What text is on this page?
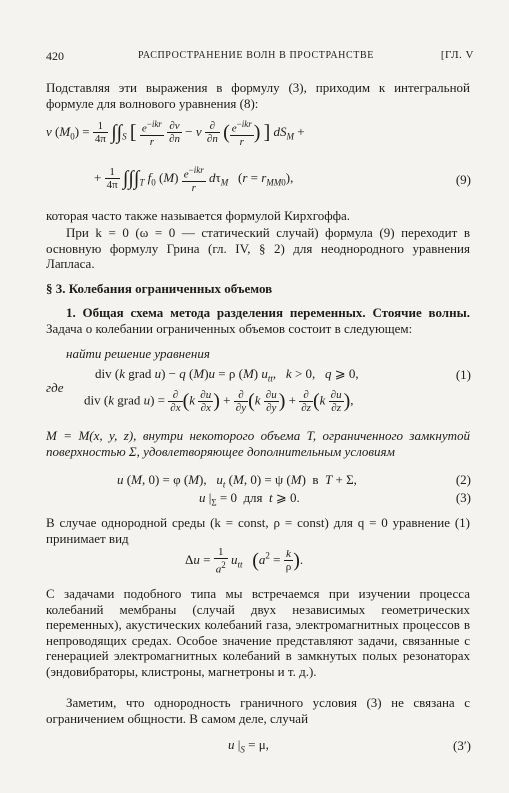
420	РАСПРОСТРАНЕНИЕ ВОЛН В ПРОСТРАНСТВЕ	[ГЛ. V

Подставляя эти выражения в формулу (3), приходим к интегральной формуле для волнового уравнения (8):

v $(M_0) = \frac{1}{4\pi} \int\int_S$ [ $\frac{e^{-ikr}}{r}$
$\frac{\partial v}{\partial n} - v \frac{\partial}{\partial n}$ ( $\frac{e^{-ikr}}{r}$ ) ] $dS_M$ +
+ $\frac{1}{4\pi} \int\int\int_T$ $f_0$ $(M) \frac{e^{-ikr}}{r} d\tau_M$   $(r = r_{MM0})$,	(9)

которая часто также называется формулой Кирхгоффа.

При k = 0 (ω = 0 — статический случай) формула (9) переходит в основную формулу Грина (гл. IV, § 2) для неоднородного уравнения Лапласа.

§ 3. Колебания ограниченных объемов

1. Общая схема метода разделения переменных. Стоячие волны. Задача о колебании ограниченных объемов состоит в следующем:

найти решение уравнения

div (k grad u) − q (M)u = ρ (M) $u_{tt}$,   k > 0,   q ⩾ 0,	(1)

где

div (k grad $u) = \frac{\partial}{\partial x} (k \frac{\partial u}{\partial x}$ ) + $\frac{\partial}{\partial y} (k \frac{\partial u}{\partial y}$ ) + $\frac{\partial}{\partial z} (k \frac{\partial u}{\partial z}$ ),

M = M(x, y, z), внутри некоторого объема T, ограниченного замкнутой поверхностью Σ, удовлетворяющее дополнительным условиям

u (M, 0) = φ (M),   $u_t$ (M, 0) = ψ (M)  в  T + Σ,	(2)
u $|_\Sigma = 0$  для  t ⩾ 0.	(3)

В случае однородной среды (k = const, ρ = const) для q = 0 уравнение (1) принимает вид

$\Delta u = \frac{1}{a^2} u_{tt}$ ($a^2 = \frac{k}{\rho}$ ).

С задачами подобного типа мы встречаемся при изучении процесса колебаний мембраны (случай двух независимых геометрических переменных), акустических колебаний газа, электромагнитных процессов в непроводящих средах. Особое значение представляют задачи, связанные с генерацией электромагнитных колебаний в замкнутых полых резонаторах (эндовибраторы, клистроны, магнетроны и т. д.).

Заметим, что однородность граничного условия (3) не связана с ограничением общности. В самом деле, случай

u $|_S = \mu$,	(3′)
